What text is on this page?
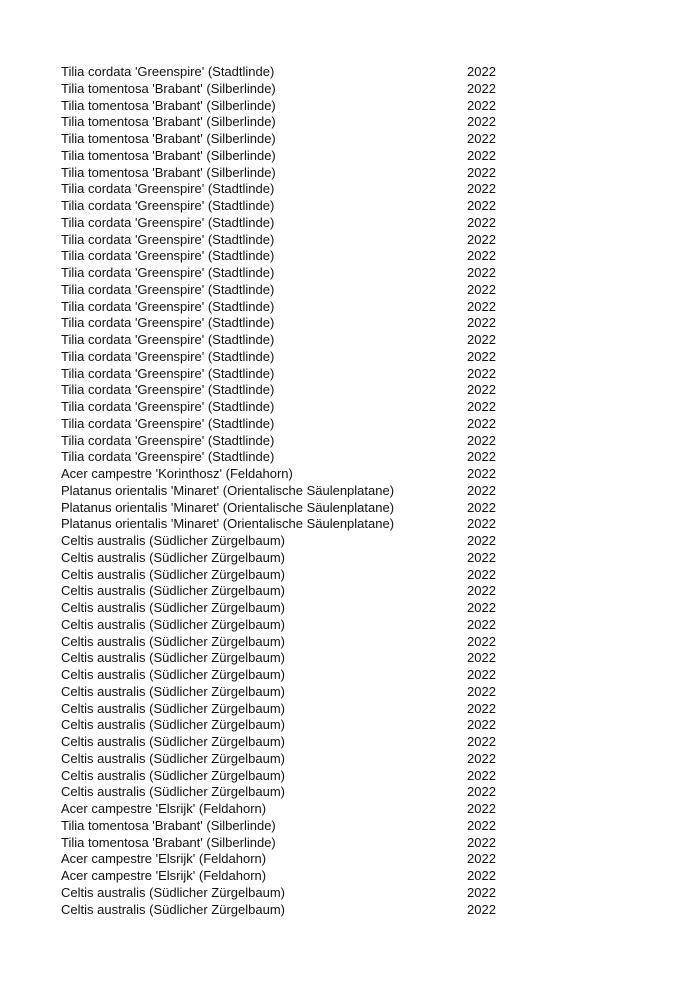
Tilia cordata 'Greenspire' (Stadtlinde)	2022
Tilia tomentosa 'Brabant' (Silberlinde)	2022
Tilia tomentosa 'Brabant' (Silberlinde)	2022
Tilia tomentosa 'Brabant' (Silberlinde)	2022
Tilia tomentosa 'Brabant' (Silberlinde)	2022
Tilia tomentosa 'Brabant' (Silberlinde)	2022
Tilia tomentosa 'Brabant' (Silberlinde)	2022
Tilia cordata 'Greenspire' (Stadtlinde)	2022
Tilia cordata 'Greenspire' (Stadtlinde)	2022
Tilia cordata 'Greenspire' (Stadtlinde)	2022
Tilia cordata 'Greenspire' (Stadtlinde)	2022
Tilia cordata 'Greenspire' (Stadtlinde)	2022
Tilia cordata 'Greenspire' (Stadtlinde)	2022
Tilia cordata 'Greenspire' (Stadtlinde)	2022
Tilia cordata 'Greenspire' (Stadtlinde)	2022
Tilia cordata 'Greenspire' (Stadtlinde)	2022
Tilia cordata 'Greenspire' (Stadtlinde)	2022
Tilia cordata 'Greenspire' (Stadtlinde)	2022
Tilia cordata 'Greenspire' (Stadtlinde)	2022
Tilia cordata 'Greenspire' (Stadtlinde)	2022
Tilia cordata 'Greenspire' (Stadtlinde)	2022
Tilia cordata 'Greenspire' (Stadtlinde)	2022
Tilia cordata 'Greenspire' (Stadtlinde)	2022
Tilia cordata 'Greenspire' (Stadtlinde)	2022
Acer campestre 'Korinthosz' (Feldahorn)	2022
Platanus orientalis 'Minaret' (Orientalische Säulenplatane)	2022
Platanus orientalis 'Minaret' (Orientalische Säulenplatane)	2022
Platanus orientalis 'Minaret' (Orientalische Säulenplatane)	2022
Celtis australis (Südlicher Zürgelbaum)	2022
Celtis australis (Südlicher Zürgelbaum)	2022
Celtis australis (Südlicher Zürgelbaum)	2022
Celtis australis (Südlicher Zürgelbaum)	2022
Celtis australis (Südlicher Zürgelbaum)	2022
Celtis australis (Südlicher Zürgelbaum)	2022
Celtis australis (Südlicher Zürgelbaum)	2022
Celtis australis (Südlicher Zürgelbaum)	2022
Celtis australis (Südlicher Zürgelbaum)	2022
Celtis australis (Südlicher Zürgelbaum)	2022
Celtis australis (Südlicher Zürgelbaum)	2022
Celtis australis (Südlicher Zürgelbaum)	2022
Celtis australis (Südlicher Zürgelbaum)	2022
Celtis australis (Südlicher Zürgelbaum)	2022
Celtis australis (Südlicher Zürgelbaum)	2022
Celtis australis (Südlicher Zürgelbaum)	2022
Acer campestre 'Elsrijk' (Feldahorn)	2022
Tilia tomentosa 'Brabant' (Silberlinde)	2022
Tilia tomentosa 'Brabant' (Silberlinde)	2022
Acer campestre 'Elsrijk' (Feldahorn)	2022
Acer campestre 'Elsrijk' (Feldahorn)	2022
Celtis australis (Südlicher Zürgelbaum)	2022
Celtis australis (Südlicher Zürgelbaum)	2022
